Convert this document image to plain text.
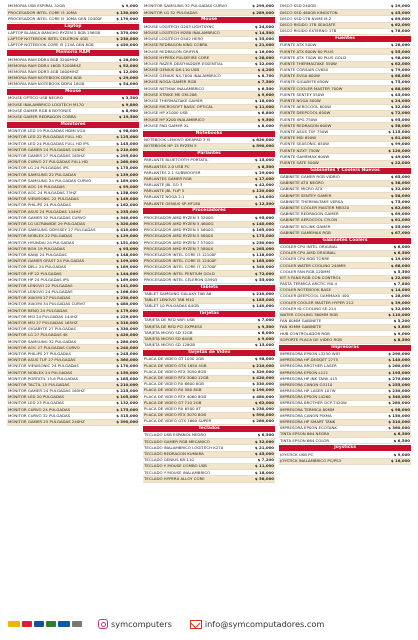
MEMORIA USB ESPIRAL 32GB	$ 9,000
PROCESADOR INTEL CORE I3 10MA	$ 130,000
PROCESADOR INTEL CORE I5 10MA GEN 10400F	$ 170,000
Laptop
LAPTOP BLANCA BANGHO RYZEN 5 8GB 256GB	$ 370,000
LAPTOP NOTEBOOK INTEL CELERON 4GB	$ 230,000
LAPTOP NOTEBOOK CORE I5 11VA GEN 8GB	$ 450,000
Memoria RAM
MEMORIA RAM DDR4 8GB 3200MHZ	$ 28,000
MEMORIA RAM DDR4 16GB 3200MHZ	$ 52,000
MEMORIA RAM DDR3 4GB 1600MHZ	$ 12,000
MEMORIA RAM NOTEBOOK DDR4 8GB	$ 29,000
MEMORIA RAM NOTEBOOK DDR4 16GB	$ 54,000
Mouse
MOUSE OPTICO USB NEGRO	$ 3,500
MOUSE INALAMBRICO LOGITECH M170	$ 9,800
MOUSE GAMER RGB 6 BOTONES	$ 8,900
MOUSE GAMER REDRAGON COBRA	$ 19,500
Monitores
MONITOR LED 19 PULGADAS HDMI VGA	$ 98,000
MONITOR LED 22 PULGADAS FULL HD	$ 125,000
MONITOR LED 24 PULGADAS FULL HD IPS	$ 145,000
MONITOR GAMER 24 PULGADAS 144HZ	$ 210,000
MONITOR GAMER 27 PULGADAS 165HZ	$ 295,000
MONITOR CURVO 27 PULGADAS FULL HD	$ 260,000
MONITOR LG 24 PULGADAS IPS	$ 175,000
MONITOR SAMSUNG 22 PULGADAS	$ 139,000
MONITOR SAMSUNG 24 PULGADAS CURVO	$ 189,000
MONITOR AOC 19 PULGADAS	$ 99,000
MONITOR AOC 24 PULGADAS 75HZ	$ 158,000
MONITOR VIEWSONIC 22 PULGADAS	$ 149,000
MONITOR PHILIPS 24 PULGADAS	$ 162,000
MONITOR ASUS 24 PULGADAS 144HZ	$ 235,000
MONITOR GAMER 32 PULGADAS CURVO	$ 340,000
MONITOR LG ULTRAWIDE 29 PULGADAS	$ 320,000
MONITOR SAMSUNG ODYSSEY 27 PULGADAS	$ 410,000
MONITOR NOBLEX 22 PULGADAS	$ 129,000
MONITOR HYUNDAI 24 PULGADAS	$ 151,000
MONITOR BGH 19 PULGADAS	$ 95,000
MONITOR KANJI 24 PULGADAS	$ 148,000
MONITOR GAMER GFAST 24 PULGADAS	$ 199,000
MONITOR DELL 24 PULGADAS	$ 189,000
MONITOR HP 22 PULGADAS	$ 144,000
MONITOR HP 24 PULGADAS IPS	$ 169,000
MONITOR LENOVO 22 PULGADAS	$ 141,000
MONITOR LENOVO 24 PULGADAS	$ 166,000
MONITOR XIAOMI 27 PULGADAS	$ 230,000
MONITOR XIAOMI 34 PULGADAS CURVO	$ 480,000
MONITOR BENQ 24 PULGADAS	$ 179,000
MONITOR MSI 24 PULGADAS 144HZ	$ 229,000
MONITOR MSI 27 PULGADAS 165HZ	$ 310,000
MONITOR GIGABYTE 27 PULGADAS	$ 330,000
MONITOR LG 27 PULGADAS 4K	$ 420,000
MONITOR SAMSUNG 32 PULGADAS	$ 280,000
MONITOR AOC 27 PULGADAS CURVO	$ 240,000
MONITOR PHILIPS 27 PULGADAS	$ 245,000
MONITOR ASUS TUF 27 PULGADAS	$ 360,000
MONITOR VIEWSONIC 24 PULGADAS	$ 170,000
MONITOR NOBLEX 24 PULGADAS	$ 150,000
MONITOR PORTATIL 15.6 PULGADAS	$ 185,000
MONITOR TACTIL 15 PULGADAS	$ 210,000
MONITOR GAMER 24 PULGADAS 165HZ	$ 225,000
MONITOR LED 20 PULGADAS	$ 105,000
MONITOR LED 23 PULGADAS	$ 132,000
MONITOR CURVO 24 PULGADAS	$ 175,000
MONITOR CURVO 32 PULGADAS	$ 315,000
MONITOR GAMER 25 PULGADAS 240HZ	$ 390,000
MONITOR SAMSUNG 32 PULGADAS CURVO	$ 299,000
MONITOR LG 32 PULGADAS	$ 289,000
Mouse
MOUSE LOGITECH G203 LIGHTSYNC	$ 24,000
MOUSE LOGITECH M280 INALAMBRICO	$ 14,500
MOUSE LOGITECH G502 HERO	$ 55,000
MOUSE REDRAGON KING COBRA	$ 21,000
MOUSE REDRAGON GRIFFIN	$ 16,000
MOUSE HYPERX PULSEFIRE CORE	$ 28,000
MOUSE RAZER DEATHADDER ESSENTIAL	$ 32,000
MOUSE GENIUS DX-110 USB	$ 4,200
MOUSE GENIUS NX-7000 INALAMBRICO	$ 8,700
MOUSE NOGA GAMER RGB	$ 7,500
MOUSE NETMAK INALAMBRICO	$ 6,500
MOUSE XTRIKE ME GM-206	$ 9,000
MOUSE THERMALTAKE GAMER	$ 18,000
MOUSE MICROSOFT BASIC OPTICAL	$ 11,000
MOUSE HP X1000 USB	$ 6,800
MOUSE HP X200 INALAMBRICO	$ 9,500
MOUSE PAD GAMER XL	$ 8,000
Notebooks
NOTEBOOK LENOVO IDEAPAD 3 I5	$ 620,000
NOTEBOOK HP 15 RYZEN 5	$ 590,000
Parlantes
PARLANTE BLUETOOTH PORTATIL	$ 15,000
PARLANTES 2.0 USB PC	$ 8,500
PARLANTES 2.1 SUBWOOFER	$ 29,000
PARLANTES GAMER RGB	$ 17,000
PARLANTE JBL GO 3	$ 42,000
PARLANTE JBL FLIP 5	$ 120,000
PARLANTE NOGA 2.1	$ 24,000
PARLANTE GENIUS SP-HF180	$ 12,500
Procesadores
PROCESADOR AMD RYZEN 3 3200G	$ 95,000
PROCESADOR AMD RYZEN 5 4600G	$ 140,000
PROCESADOR AMD RYZEN 5 5600G	$ 165,000
PROCESADOR AMD RYZEN 5 5600X	$ 175,000
PROCESADOR AMD RYZEN 7 5700G	$ 230,000
PROCESADOR AMD RYZEN 7 5800X	$ 265,000
PROCESADOR INTEL CORE I3 12100F	$ 118,000
PROCESADOR INTEL CORE I5 12400F	$ 185,000
PROCESADOR INTEL CORE I7 12700F	$ 340,000
PROCESADOR INTEL PENTIUM GOLD	$ 72,000
PROCESADOR INTEL CELERON G5905	$ 55,000
Tablets
TABLET SAMSUNG GALAXY TAB A8	$ 210,000
TABLET LENOVO TAB M10	$ 185,000
TABLET 10 PULGADAS 64GB	$ 140,000
Tarjetas
TARJETA DE RED WIFI USB	$ 7,000
TARJETA DE RED PCI EXPRESS	$ 9,500
TARJETA MICRO SD 32GB	$ 6,000
TARJETA MICRO SD 64GB	$ 9,000
TARJETA MICRO SD 128GB	$ 15,000
Tarjetas de Video
PLACA DE VIDEO GT 1030 2GB	$ 98,000
PLACA DE VIDEO GTX 1650 4GB	$ 210,000
PLACA DE VIDEO RTX 3050 8GB	$ 320,000
PLACA DE VIDEO RTX 3060 12GB	$ 420,000
PLACA DE VIDEO RX 6600 8GB	$ 330,000
PLACA DE VIDEO RX 580 8GB	$ 190,000
PLACA DE VIDEO RTX 4060 8GB	$ 480,000
PLACA DE VIDEO GT 710 2GB	$ 62,000
PLACA DE VIDEO RX 6500 XT	$ 230,000
PLACA DE VIDEO RTX 3070 8GB	$ 590,000
PLACA DE VIDEO GTX 1660 SUPER	$ 280,000
Teclados
TECLADO USB ESPANOL NEGRO	$ 6,500
TECLADO GAMER RGB MECANICO	$ 32,000
TECLADO INALAMBRICO LOGITECH K270	$ 21,000
TECLADO REDRAGON KUMARA	$ 45,000
TECLADO GENIUS KB-110	$ 7,200
TECLADO Y MOUSE COMBO USB	$ 11,000
TECLADO Y MOUSE INALAMBRICO	$ 18,000
TECLADO HYPERX ALLOY CORE	$ 58,000
DISCO SSD 240GB	$ 29,000
DISCO SSD 480GB KINGSTON	$ 45,000
DISCO SSD 1TB NVME M.2	$ 89,000
DISCO RIGIDO 1TB SEAGATE	$ 62,000
DISCO RIGIDO EXTERNO 1TB	$ 78,000
Fuentes
FUENTE ATX 500W	$ 28,000
FUENTE ATX 600W 80 PLUS	$ 55,000
FUENTE ATX 750W 80 PLUS GOLD	$ 98,000
FUENTE THERMALTAKE 550W	$ 62,000
FUENTE CORSAIR CV650	$ 79,000
FUENTE EVGA 600W	$ 68,000
FUENTE GIGABYTE 650W	$ 75,000
FUENTE COOLER MASTER 700W	$ 88,000
FUENTE SENTEY 550W	$ 45,000
FUENTE NOGA 500W	$ 24,000
FUENTE AEROCOOL 600W	$ 52,000
FUENTE DEEPCOOL 650W	$ 72,000
FUENTE XPG 750W	$ 95,000
FUENTE REDRAGON 600W	$ 58,000
FUENTE ASUS TUF 750W	$ 115,000
FUENTE MSI 650W	$ 81,000
FUENTE SEASONIC 650W	$ 99,000
FUENTE NZXT 750W	$ 120,000
FUENTE GAMEMAX 600W	$ 49,000
FUENTE SATE 500W	$ 22,000
Gabinetes Y Coolers Nuevos
GABINETE GAMER RGB VIDRIO	$ 65,000
GABINETE ATX NEGRO	$ 38,000
GABINETE MICRO ATX	$ 32,000
GABINETE SENTEY GAMER	$ 58,000
GABINETE THERMALTAKE VERSA	$ 75,000
GABINETE COOLER MASTER MB320	$ 82,000
GABINETE REDRAGON GAMER	$ 69,000
GABINETE AEROCOOL CYLON	$ 61,000
GABINETE KOLINK GAMER	$ 55,000
GABINETE GAMEMAX RGB	$ 67,000
Gabinetes Coolers
COOLER CPU INTEL ORIGINAL	$ 6,000
COOLER CPU AMD ORIGINAL	$ 6,500
COOLER CPU RGB TORRE	$ 19,000
COOLER WATER COOLING 240MM	$ 68,000
COOLER FAN RGB 120MM	$ 5,500
KIT 3 FANS RGB CON CONTROL	$ 22,000
PASTA TERMICA ARCTIC MX-4	$ 7,800
COOLER NOTEBOOK BASE	$ 14,000
COOLER DEEPCOOL GAMMAXX 400	$ 28,000
COOLER COOLER MASTER HYPER 212	$ 39,000
COOLER ID-COOLING SE-224	$ 32,000
WATER COOLING 360MM RGB	$ 110,000
FAN 80MM GABINETE	$ 3,200
FAN 92MM GABINETE	$ 3,800
HUB CONTROLADOR RGB	$ 9,000
SOPORTE PLACA DE VIDEO RGB	$ 8,500
Impresoras
IMPRESORA EPSON L3250 WIFI	$ 290,000
IMPRESORA HP DESKJET 2775	$ 140,000
IMPRESORA BROTHER LASER	$ 260,000
IMPRESORA EPSON L121	$ 195,000
IMPRESORA HP INK TANK 415	$ 270,000
IMPRESORA CANON G3110	$ 255,000
IMPRESORA HP LASER 107W	$ 230,000
IMPRESORA EPSON L4260	$ 340,000
IMPRESORA BROTHER DCP-T420W	$ 280,000
IMPRESORA TERMICA 80MM	$ 98,000
IMPRESORA CANON PIXMA	$ 150,000
IMPRESORA HP SMART TANK	$ 310,000
IMPRESORA EPSON ECOTANK	$ 360,000
TINTA EPSON 664 NEGRA	$ 6,500
TINTA EPSON 664 COLOR	$ 6,500
Joysticks
JOYSTICK USB PC	$ 9,000
JOYSTICK INALAMBRICO PC/PS3	$ 16,000
symcomputers	info@symcomputadores.com
